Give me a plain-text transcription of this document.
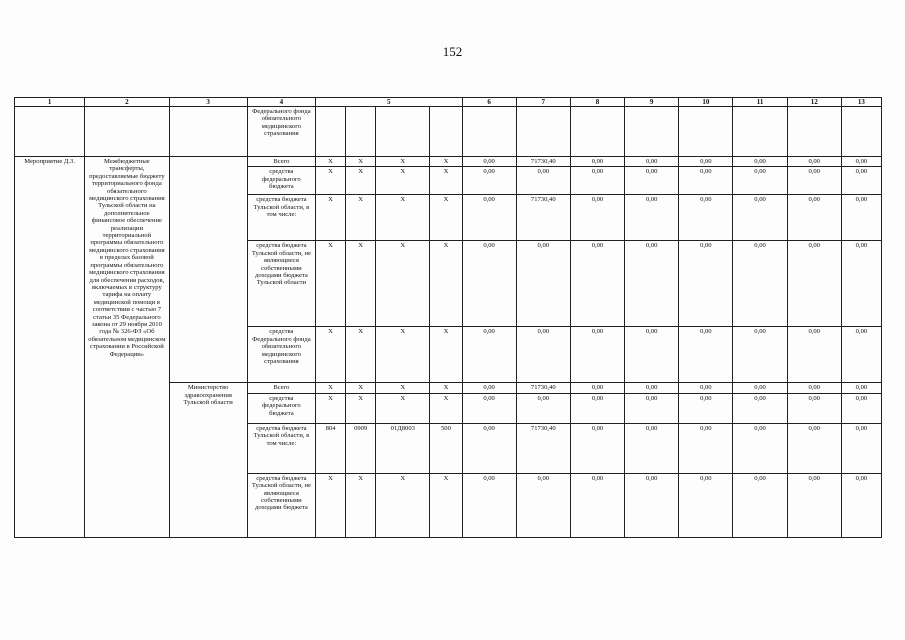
152
1	2	3	4	5				6	7	8	9	10	11	12	13
			Федерального фонда обязательного медицинского страхования												
Мероприятие Д.3.	Межбюджетные трансферты, предоставляемые бюджету территориального фонда обязательного медицинского страхования Тульской области на дополнительное финансовое обеспечение реализации территориальной программы обязательного медицинского страхования в пределах базовой программы обязательного медицинского страхования для обеспечения расходов, включаемых в структуру тарифа на оплату медицинской помощи в соответствии с частью 7 статьи 35 Федерального закона от 29 ноября 2010 года № 326-ФЗ «Об обязательном медицинском страховании в Российской Федерации»		Всего	Х	Х	Х	Х	0,00	71730,40	0,00	0,00	0,00	0,00	0,00	0,00
			средства федерального бюджета	Х	Х	Х	Х	0,00	0,00	0,00	0,00	0,00	0,00	0,00	0,00
			средства бюджета Тульской области, в том числе:	Х	Х	Х	Х	0,00	71730,40	0,00	0,00	0,00	0,00	0,00	0,00
			средства бюджета Тульской области, не являющиеся собственными доходами бюджета Тульской области	Х	Х	Х	Х	0,00	0,00	0,00	0,00	0,00	0,00	0,00	0,00
			средства Федерального фонда обязательного медицинского страхования	Х	Х	Х	Х	0,00	0,00	0,00	0,00	0,00	0,00	0,00	0,00
		Министерство здравоохранения Тульской области	Всего	Х	Х	Х	Х	0,00	71730,40	0,00	0,00	0,00	0,00	0,00	0,00
			средства федерального бюджета	Х	Х	Х	Х	0,00	0,00	0,00	0,00	0,00	0,00	0,00	0,00
			средства бюджета Тульской области, в том числе:	804	0909	01Д8003	500	0,00	71730,40	0,00	0,00	0,00	0,00	0,00	0,00
			средства бюджета Тульской области, не являющиеся собственными доходами бюджета	Х	Х	Х	Х	0,00	0,00	0,00	0,00	0,00	0,00	0,00	0,00
